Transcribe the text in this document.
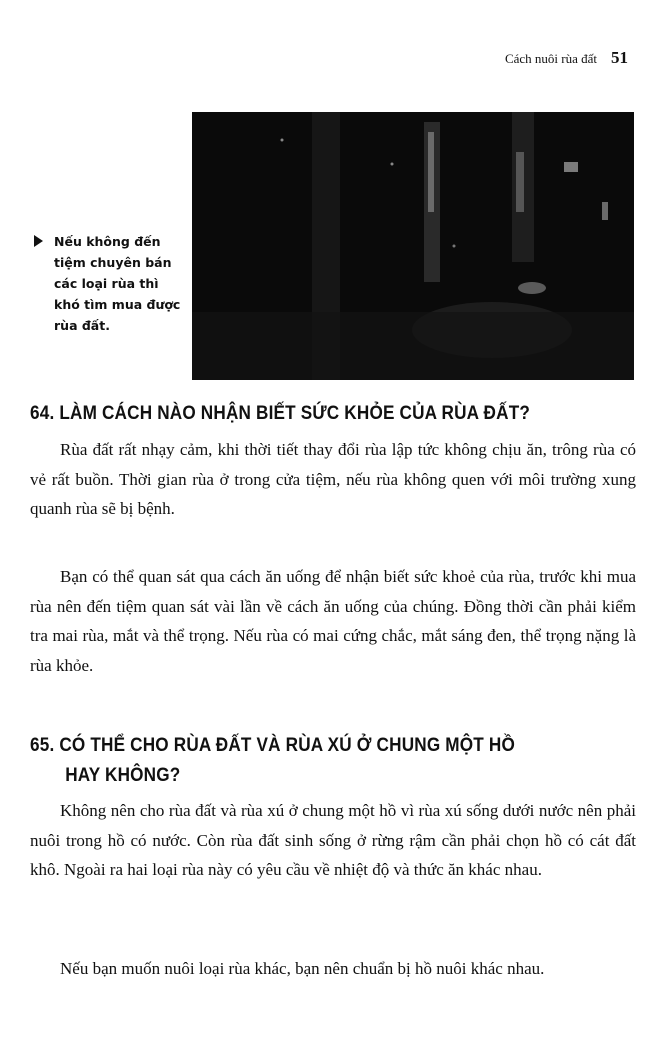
Cách nuôi rùa đất 51
Nếu không đến tiệm chuyên bán các loại rùa thì khó tìm mua được rùa đất.
64. LÀM CÁCH NÀO NHẬN BIẾT SỨC KHỎE CỦA RÙA ĐẤT?

Rùa đất rất nhạy cảm, khi thời tiết thay đổi rùa lập tức không chịu ăn, trông rùa có vẻ rất buồn. Thời gian rùa ở trong cửa tiệm, nếu rùa không quen với môi trường xung quanh rùa sẽ bị bệnh.

Bạn có thể quan sát qua cách ăn uống để nhận biết sức khoẻ của rùa, trước khi mua rùa nên đến tiệm quan sát vài lần về cách ăn uống của chúng. Đồng thời cần phải kiểm tra mai rùa, mắt và thể trọng. Nếu rùa có mai cứng chắc, mắt sáng đen, thể trọng nặng là rùa khỏe.

65. CÓ THỂ CHO RÙA ĐẤT VÀ RÙA XÚ Ở CHUNG MỘT HỒ
HAY KHÔNG?

Không nên cho rùa đất và rùa xú ở chung một hồ vì rùa xú sống dưới nước nên phải nuôi trong hồ có nước. Còn rùa đất sinh sống ở rừng rậm cần phải chọn hồ có cát đất khô. Ngoài ra hai loại rùa này có yêu cầu về nhiệt độ và thức ăn khác nhau.

Nếu bạn muốn nuôi loại rùa khác, bạn nên chuẩn bị hồ nuôi khác nhau.
